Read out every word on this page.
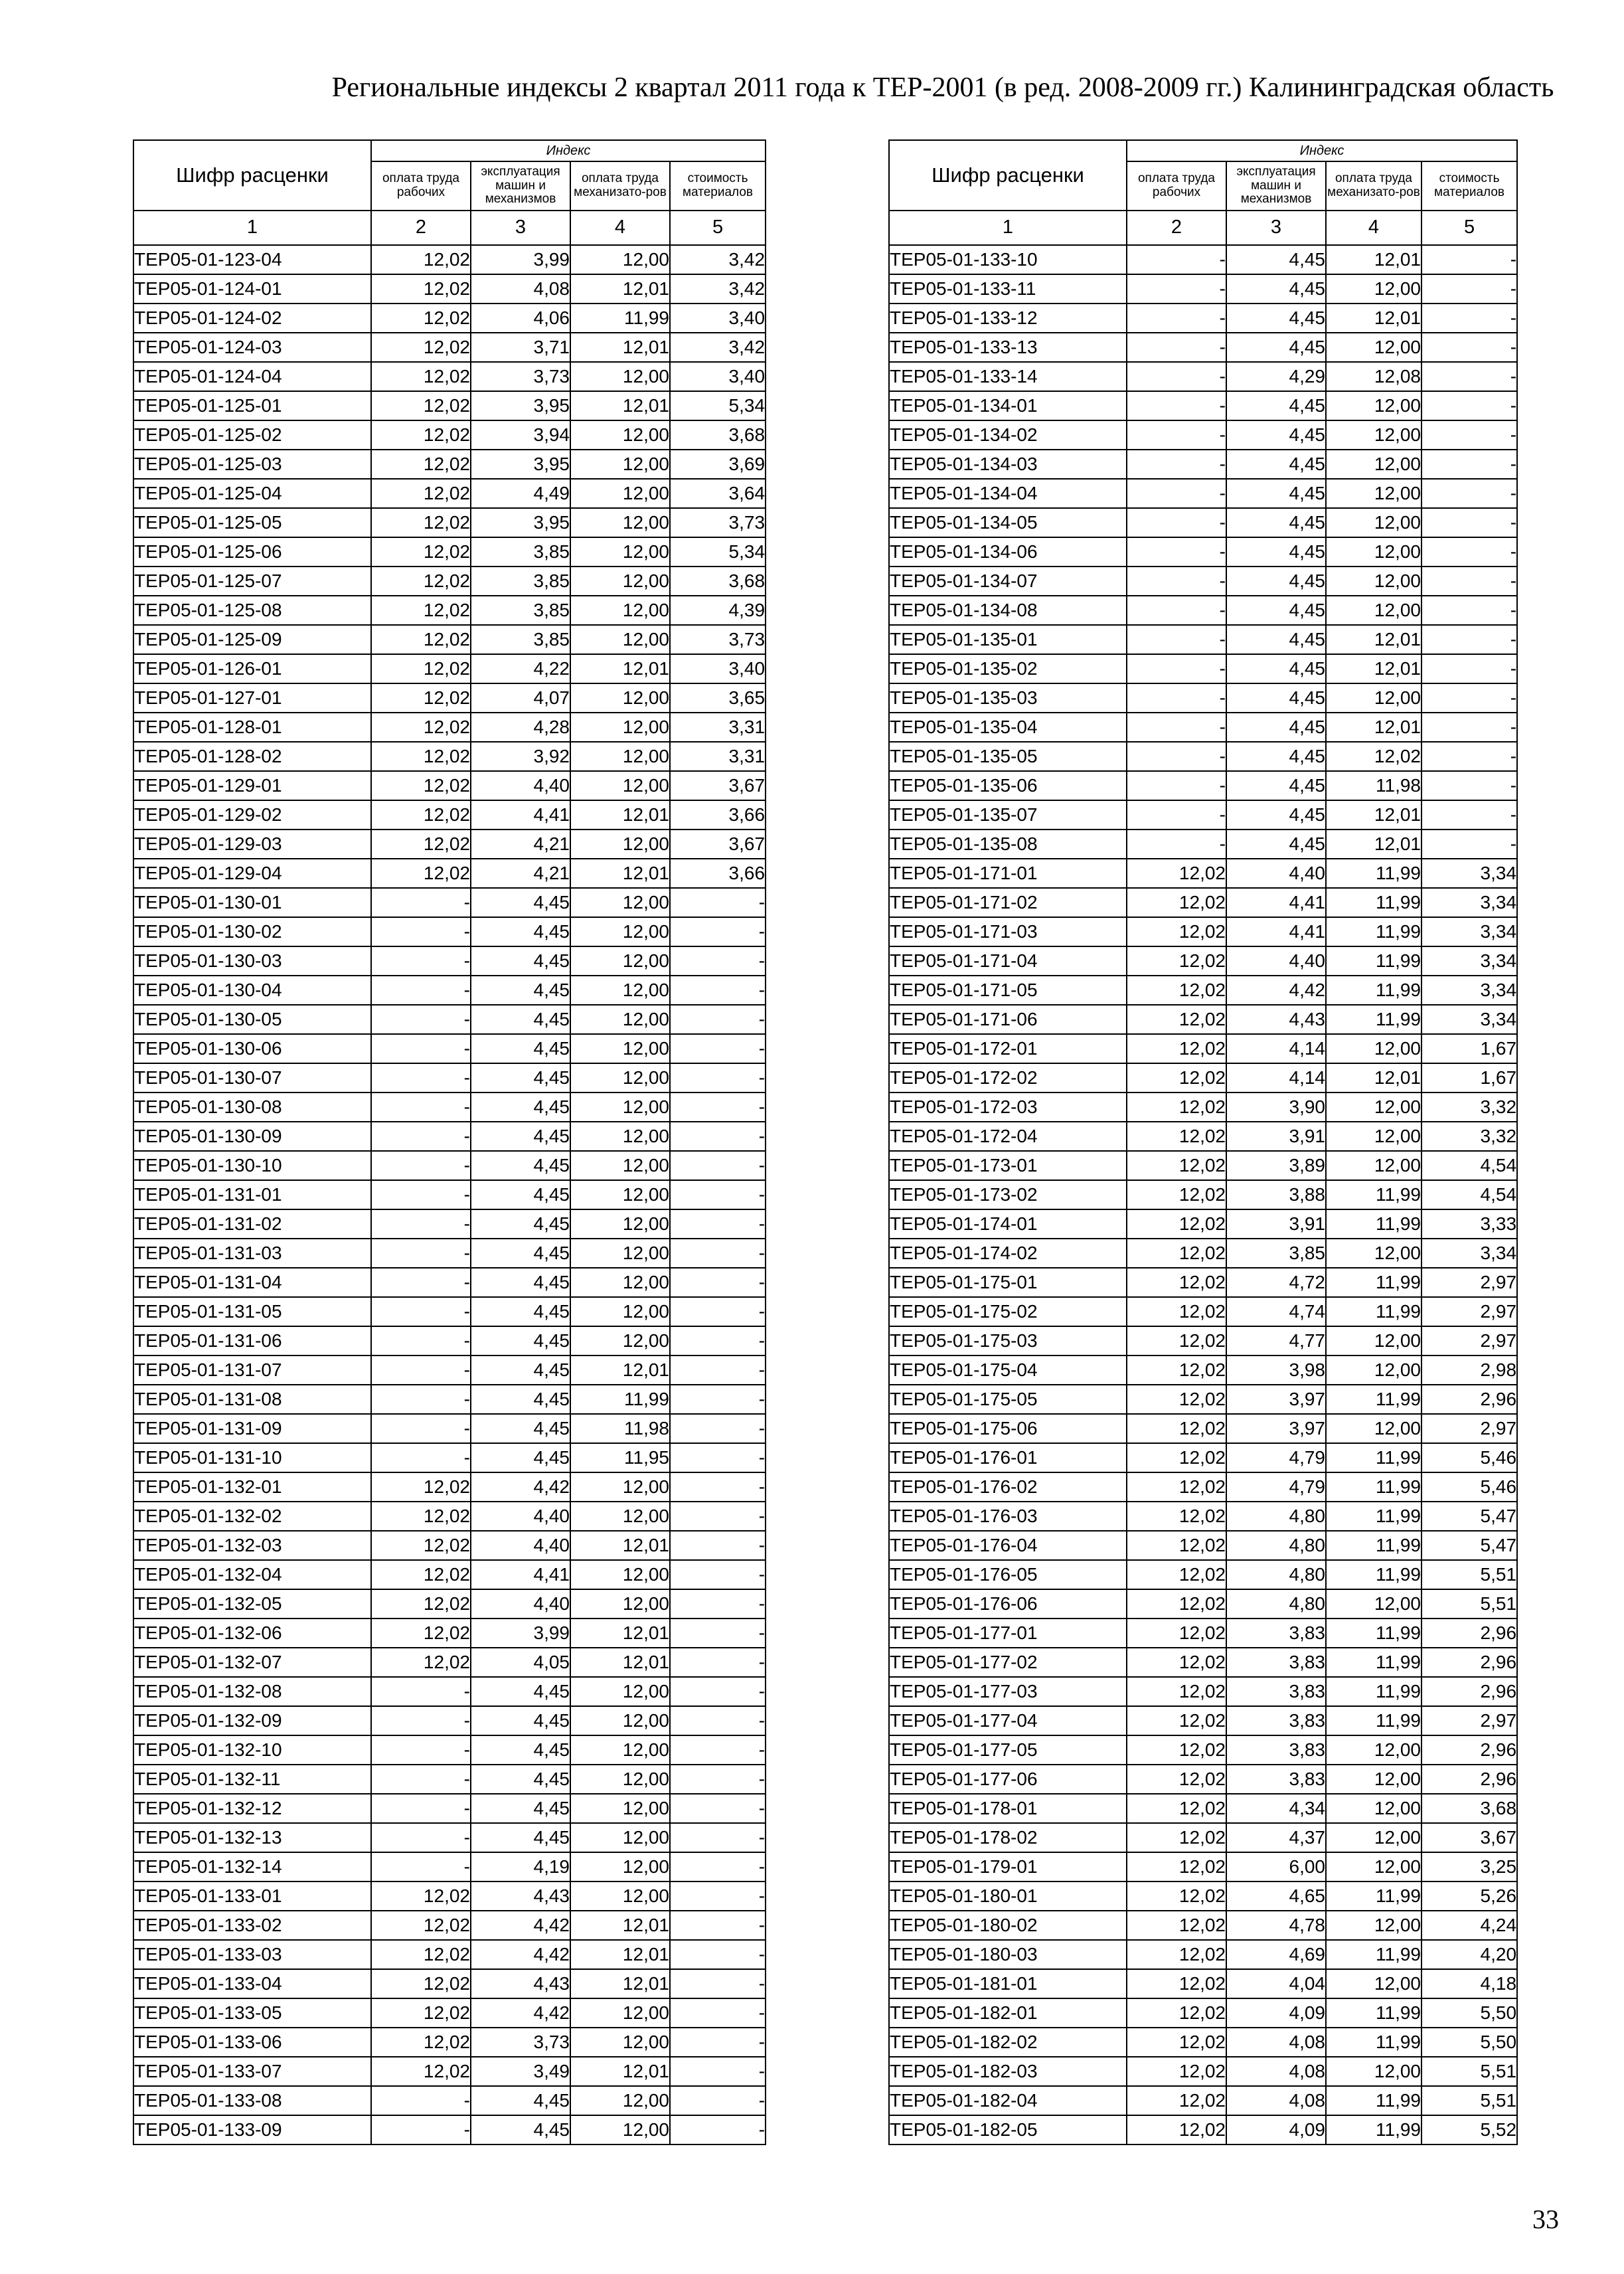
Региональные индексы 2 квартал 2011 года к ТЕР-2001 (в ред. 2008-2009 гг.) Калининградская область
Шифр расценки	Индекс			
	оплата труда рабочих	эксплуатация машин и механизмов	оплата труда механизато-ров	стоимость материалов
1	2	3	4	5
ТЕР05-01-123-04	12,02	3,99	12,00	3,42
ТЕР05-01-124-01	12,02	4,08	12,01	3,42
ТЕР05-01-124-02	12,02	4,06	11,99	3,40
ТЕР05-01-124-03	12,02	3,71	12,01	3,42
ТЕР05-01-124-04	12,02	3,73	12,00	3,40
ТЕР05-01-125-01	12,02	3,95	12,01	5,34
ТЕР05-01-125-02	12,02	3,94	12,00	3,68
ТЕР05-01-125-03	12,02	3,95	12,00	3,69
ТЕР05-01-125-04	12,02	4,49	12,00	3,64
ТЕР05-01-125-05	12,02	3,95	12,00	3,73
ТЕР05-01-125-06	12,02	3,85	12,00	5,34
ТЕР05-01-125-07	12,02	3,85	12,00	3,68
ТЕР05-01-125-08	12,02	3,85	12,00	4,39
ТЕР05-01-125-09	12,02	3,85	12,00	3,73
ТЕР05-01-126-01	12,02	4,22	12,01	3,40
ТЕР05-01-127-01	12,02	4,07	12,00	3,65
ТЕР05-01-128-01	12,02	4,28	12,00	3,31
ТЕР05-01-128-02	12,02	3,92	12,00	3,31
ТЕР05-01-129-01	12,02	4,40	12,00	3,67
ТЕР05-01-129-02	12,02	4,41	12,01	3,66
ТЕР05-01-129-03	12,02	4,21	12,00	3,67
ТЕР05-01-129-04	12,02	4,21	12,01	3,66
ТЕР05-01-130-01	-	4,45	12,00	-
ТЕР05-01-130-02	-	4,45	12,00	-
ТЕР05-01-130-03	-	4,45	12,00	-
ТЕР05-01-130-04	-	4,45	12,00	-
ТЕР05-01-130-05	-	4,45	12,00	-
ТЕР05-01-130-06	-	4,45	12,00	-
ТЕР05-01-130-07	-	4,45	12,00	-
ТЕР05-01-130-08	-	4,45	12,00	-
ТЕР05-01-130-09	-	4,45	12,00	-
ТЕР05-01-130-10	-	4,45	12,00	-
ТЕР05-01-131-01	-	4,45	12,00	-
ТЕР05-01-131-02	-	4,45	12,00	-
ТЕР05-01-131-03	-	4,45	12,00	-
ТЕР05-01-131-04	-	4,45	12,00	-
ТЕР05-01-131-05	-	4,45	12,00	-
ТЕР05-01-131-06	-	4,45	12,00	-
ТЕР05-01-131-07	-	4,45	12,01	-
ТЕР05-01-131-08	-	4,45	11,99	-
ТЕР05-01-131-09	-	4,45	11,98	-
ТЕР05-01-131-10	-	4,45	11,95	-
ТЕР05-01-132-01	12,02	4,42	12,00	-
ТЕР05-01-132-02	12,02	4,40	12,00	-
ТЕР05-01-132-03	12,02	4,40	12,01	-
ТЕР05-01-132-04	12,02	4,41	12,00	-
ТЕР05-01-132-05	12,02	4,40	12,00	-
ТЕР05-01-132-06	12,02	3,99	12,01	-
ТЕР05-01-132-07	12,02	4,05	12,01	-
ТЕР05-01-132-08	-	4,45	12,00	-
ТЕР05-01-132-09	-	4,45	12,00	-
ТЕР05-01-132-10	-	4,45	12,00	-
ТЕР05-01-132-11	-	4,45	12,00	-
ТЕР05-01-132-12	-	4,45	12,00	-
ТЕР05-01-132-13	-	4,45	12,00	-
ТЕР05-01-132-14	-	4,19	12,00	-
ТЕР05-01-133-01	12,02	4,43	12,00	-
ТЕР05-01-133-02	12,02	4,42	12,01	-
ТЕР05-01-133-03	12,02	4,42	12,01	-
ТЕР05-01-133-04	12,02	4,43	12,01	-
ТЕР05-01-133-05	12,02	4,42	12,00	-
ТЕР05-01-133-06	12,02	3,73	12,00	-
ТЕР05-01-133-07	12,02	3,49	12,01	-
ТЕР05-01-133-08	-	4,45	12,00	-
ТЕР05-01-133-09	-	4,45	12,00	-
Шифр расценки	Индекс			
	оплата труда рабочих	эксплуатация машин и механизмов	оплата труда механизато-ров	стоимость материалов
1	2	3	4	5
ТЕР05-01-133-10	-	4,45	12,01	-
ТЕР05-01-133-11	-	4,45	12,00	-
ТЕР05-01-133-12	-	4,45	12,01	-
ТЕР05-01-133-13	-	4,45	12,00	-
ТЕР05-01-133-14	-	4,29	12,08	-
ТЕР05-01-134-01	-	4,45	12,00	-
ТЕР05-01-134-02	-	4,45	12,00	-
ТЕР05-01-134-03	-	4,45	12,00	-
ТЕР05-01-134-04	-	4,45	12,00	-
ТЕР05-01-134-05	-	4,45	12,00	-
ТЕР05-01-134-06	-	4,45	12,00	-
ТЕР05-01-134-07	-	4,45	12,00	-
ТЕР05-01-134-08	-	4,45	12,00	-
ТЕР05-01-135-01	-	4,45	12,01	-
ТЕР05-01-135-02	-	4,45	12,01	-
ТЕР05-01-135-03	-	4,45	12,00	-
ТЕР05-01-135-04	-	4,45	12,01	-
ТЕР05-01-135-05	-	4,45	12,02	-
ТЕР05-01-135-06	-	4,45	11,98	-
ТЕР05-01-135-07	-	4,45	12,01	-
ТЕР05-01-135-08	-	4,45	12,01	-
ТЕР05-01-171-01	12,02	4,40	11,99	3,34
ТЕР05-01-171-02	12,02	4,41	11,99	3,34
ТЕР05-01-171-03	12,02	4,41	11,99	3,34
ТЕР05-01-171-04	12,02	4,40	11,99	3,34
ТЕР05-01-171-05	12,02	4,42	11,99	3,34
ТЕР05-01-171-06	12,02	4,43	11,99	3,34
ТЕР05-01-172-01	12,02	4,14	12,00	1,67
ТЕР05-01-172-02	12,02	4,14	12,01	1,67
ТЕР05-01-172-03	12,02	3,90	12,00	3,32
ТЕР05-01-172-04	12,02	3,91	12,00	3,32
ТЕР05-01-173-01	12,02	3,89	12,00	4,54
ТЕР05-01-173-02	12,02	3,88	11,99	4,54
ТЕР05-01-174-01	12,02	3,91	11,99	3,33
ТЕР05-01-174-02	12,02	3,85	12,00	3,34
ТЕР05-01-175-01	12,02	4,72	11,99	2,97
ТЕР05-01-175-02	12,02	4,74	11,99	2,97
ТЕР05-01-175-03	12,02	4,77	12,00	2,97
ТЕР05-01-175-04	12,02	3,98	12,00	2,98
ТЕР05-01-175-05	12,02	3,97	11,99	2,96
ТЕР05-01-175-06	12,02	3,97	12,00	2,97
ТЕР05-01-176-01	12,02	4,79	11,99	5,46
ТЕР05-01-176-02	12,02	4,79	11,99	5,46
ТЕР05-01-176-03	12,02	4,80	11,99	5,47
ТЕР05-01-176-04	12,02	4,80	11,99	5,47
ТЕР05-01-176-05	12,02	4,80	11,99	5,51
ТЕР05-01-176-06	12,02	4,80	12,00	5,51
ТЕР05-01-177-01	12,02	3,83	11,99	2,96
ТЕР05-01-177-02	12,02	3,83	11,99	2,96
ТЕР05-01-177-03	12,02	3,83	11,99	2,96
ТЕР05-01-177-04	12,02	3,83	11,99	2,97
ТЕР05-01-177-05	12,02	3,83	12,00	2,96
ТЕР05-01-177-06	12,02	3,83	12,00	2,96
ТЕР05-01-178-01	12,02	4,34	12,00	3,68
ТЕР05-01-178-02	12,02	4,37	12,00	3,67
ТЕР05-01-179-01	12,02	6,00	12,00	3,25
ТЕР05-01-180-01	12,02	4,65	11,99	5,26
ТЕР05-01-180-02	12,02	4,78	12,00	4,24
ТЕР05-01-180-03	12,02	4,69	11,99	4,20
ТЕР05-01-181-01	12,02	4,04	12,00	4,18
ТЕР05-01-182-01	12,02	4,09	11,99	5,50
ТЕР05-01-182-02	12,02	4,08	11,99	5,50
ТЕР05-01-182-03	12,02	4,08	12,00	5,51
ТЕР05-01-182-04	12,02	4,08	11,99	5,51
ТЕР05-01-182-05	12,02	4,09	11,99	5,52
33
